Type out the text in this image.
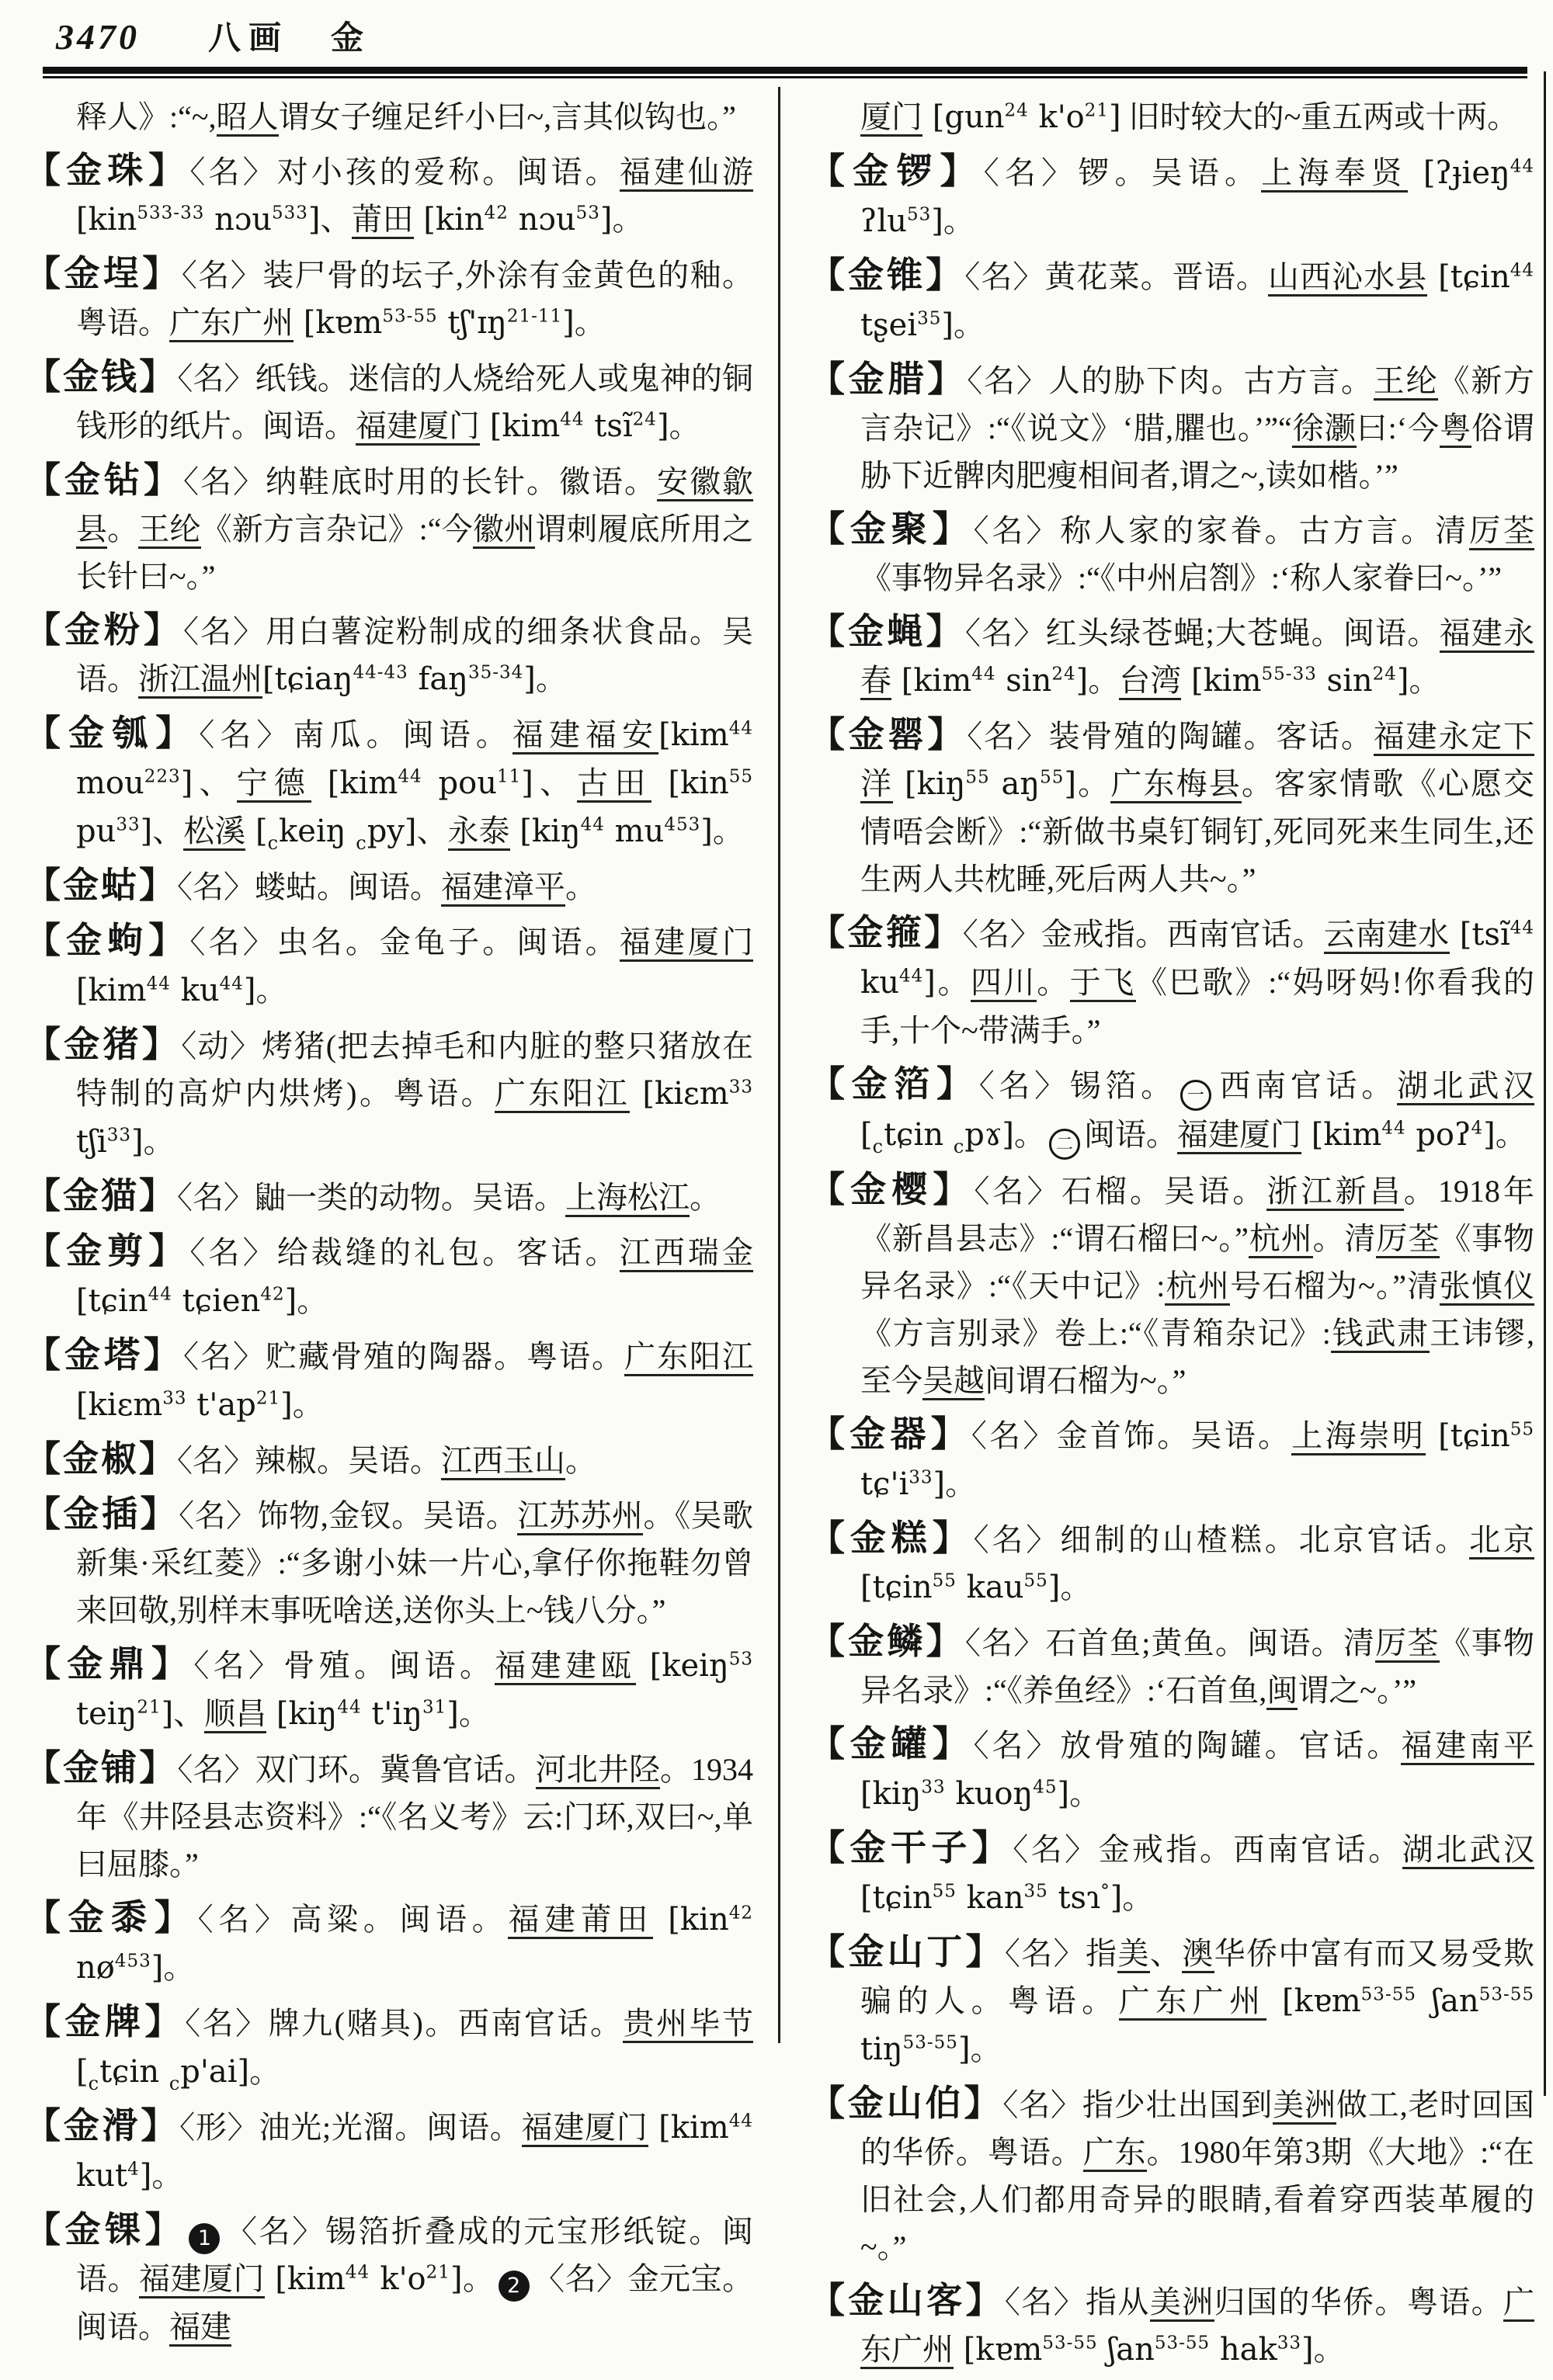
3470 八画 金
释人》:“~,昭人谓女子缠足纤小曰~,言其似钩也。”
【金珠】〈名〉对小孩的爱称。闽语。福建仙游[kin$^{533-33}$ nɔu$^{533}$]、莆田 [kin$^{42}$ nɔu$^{53}$]。
【金埕】〈名〉装尸骨的坛子,外涂有金黄色的釉。粤语。广东广州 [kɐm$^{53-55}$ tʃ'ɪŋ$^{21-11}$]。
【金钱】〈名〉纸钱。迷信的人烧给死人或鬼神的铜钱形的纸片。闽语。福建厦门 [kim$^{44}$ tsĩ$^{24}$]。
【金钻】〈名〉纳鞋底时用的长针。徽语。安徽歙县。王纶《新方言杂记》:“今徽州谓刺履底所用之长针曰~。”
【金粉】〈名〉用白薯淀粉制成的细条状食品。吴语。浙江温州[tɕiaŋ$^{44-43}$ faŋ$^{35-34}$]。
【金瓠】〈名〉南瓜。闽语。福建福安[kim$^{44}$ mou$^{223}$]、宁德 [kim$^{44}$ pou$^{11}$]、古田 [kin$^{55}$ $pu^{33}$]、松溪 [$_ckeiŋ$ $_c$py]、永泰 [kiŋ$^{44}$ $mu^{453}$]。
【金蛄】〈名〉蝼蛄。闽语。福建漳平。
【金蚼】〈名〉虫名。金龟子。闽语。福建厦门 [kim$^{44}$ $ku^{44}$]。
【金猪】〈动〉烤猪(把去掉毛和内脏的整只猪放在特制的高炉内烘烤)。粤语。广东阳江 [kiɛm$^{33}$ tʃi$^{33}$]。
【金猫】〈名〉鼬一类的动物。吴语。上海松江。
【金剪】〈名〉给裁缝的礼包。客话。江西瑞金 [tɕin$^{44}$ tɕien$^{42}$]。
【金塔】〈名〉贮藏骨殖的陶器。粤语。广东阳江 [kiɛm$^{33}$ $t'ap^{21}$]。
【金椒】〈名〉辣椒。吴语。江西玉山。
【金插】〈名〉饰物,金钗。吴语。江苏苏州。《吴歌新集·采红菱》:“多谢小妹一片心,拿仔你拖鞋勿曾来回敬,别样末事呒啥送,送你头上~钱八分。”
【金鼎】〈名〉骨殖。闽语。福建建瓯 [keiŋ$^{53}$ teiŋ$^{21}$]、顺昌 [kiŋ$^{44}$ $t'iŋ^{31}$]。
【金铺】〈名〉双门环。冀鲁官话。河北井陉。1934年《井陉县志资料》:“《名义考》云:门环,双曰~,单曰屈膝。”
【金黍】〈名〉高粱。闽语。福建莆田 [kin$^{42}$ $nø^{453}$]。
【金牌】〈名〉牌九(赌具)。西南官话。贵州毕节 [$_ctɕin$ $_c$p'ai]。
【金滑】〈形〉油光;光溜。闽语。福建厦门 [kim$^{44}$ kut$^4$]。
【金锞】 1 〈名〉锡箔折叠成的元宝形纸锭。闽语。福建厦门 [kim$^{44}$ $k'o^{21}$]。 2 〈名〉金元宝。闽语。福建
厦门 [gun$^{24}$ $k'o^{21}$] 旧时较大的~重五两或十两。
【金锣】〈名〉锣。吴语。上海奉贤 [ʔɟieŋ$^{44}$ ʔlu$^{53}$]。
【金锥】〈名〉黄花菜。晋语。山西沁水县 [tɕin$^{44}$ tʂei$^{35}$]。
【金腊】〈名〉人的胁下肉。古方言。王纶《新方言杂记》:“《说文》‘腊,臞也。’”“徐灏曰:‘今粤俗谓胁下近髀肉肥瘦相间者,谓之~,读如楷。’”
【金聚】〈名〉称人家的家眷。古方言。清厉荃《事物异名录》:“《中州启劄》:‘称人家眷曰~。’”
【金蝇】〈名〉红头绿苍蝇;大苍蝇。闽语。福建永春 [kim$^{44}$ $\sin^{24}$]。台湾 [kim$^{55-33}$ $\sin^{24}$]。
【金罂】〈名〉装骨殖的陶罐。客话。福建永定下洋 [kiŋ$^{55}$ $aŋ^{55}$]。广东梅县。客家情歌《心愿交情唔会断》:“新做书桌钉铜钉,死同死来生同生,还生两人共枕睡,死后两人共~。”
【金箍】〈名〉金戒指。西南官话。云南建水 [tsĩ$^{44}$ $ku^{44}$]。四川。于飞《巴歌》:“妈呀妈!你看我的手,十个~带满手。”
【金箔】〈名〉锡箔。 一 西南官话。湖北武汉 [$_ctɕin$ $_c$pɤ]。 二 闽语。福建厦门 [kim$^{44}$ poʔ$^4$]。
【金樱】〈名〉石榴。吴语。浙江新昌。1918年《新昌县志》:“谓石榴曰~。”杭州。清厉荃《事物异名录》:“《天中记》:杭州号石榴为~。”清张慎仪《方言别录》卷上:“《青箱杂记》:钱武肃王讳镠,至今吴越间谓石榴为~。”
【金器】〈名〉金首饰。吴语。上海崇明 [tɕin$^{55}$ $tɕ'i^{33}$]。
【金糕】〈名〉细制的山楂糕。北京官话。北京[tɕin$^{55}$ kau$^{55}$]。
【金鳞】〈名〉石首鱼;黄鱼。闽语。清厉荃《事物异名录》:“《养鱼经》:‘石首鱼,闽谓之~。’”
【金罐】〈名〉放骨殖的陶罐。官话。福建南平 [kiŋ$^{33}$ kuoŋ$^{45}$]。
【金干子】〈名〉金戒指。西南官话。湖北武汉 [tɕin$^{55}$ kan$^{35}$ tsɿ°]。
【金山丁】〈名〉指美、澳华侨中富有而又易受欺骗的人。粤语。广东广州 [kɐm$^{53-55}$ ʃan$^{53-55}$ tiŋ$^{53-55}$]。
【金山伯】〈名〉指少壮出国到美洲做工,老时回国的华侨。粤语。广东。1980年第3期《大地》:“在旧社会,人们都用奇异的眼睛,看着穿西装革履的~。”
【金山客】〈名〉指从美洲归国的华侨。粤语。广东广州 [kɐm$^{53-55}$ ʃan$^{53-55}$ hak$^{33}$]。
